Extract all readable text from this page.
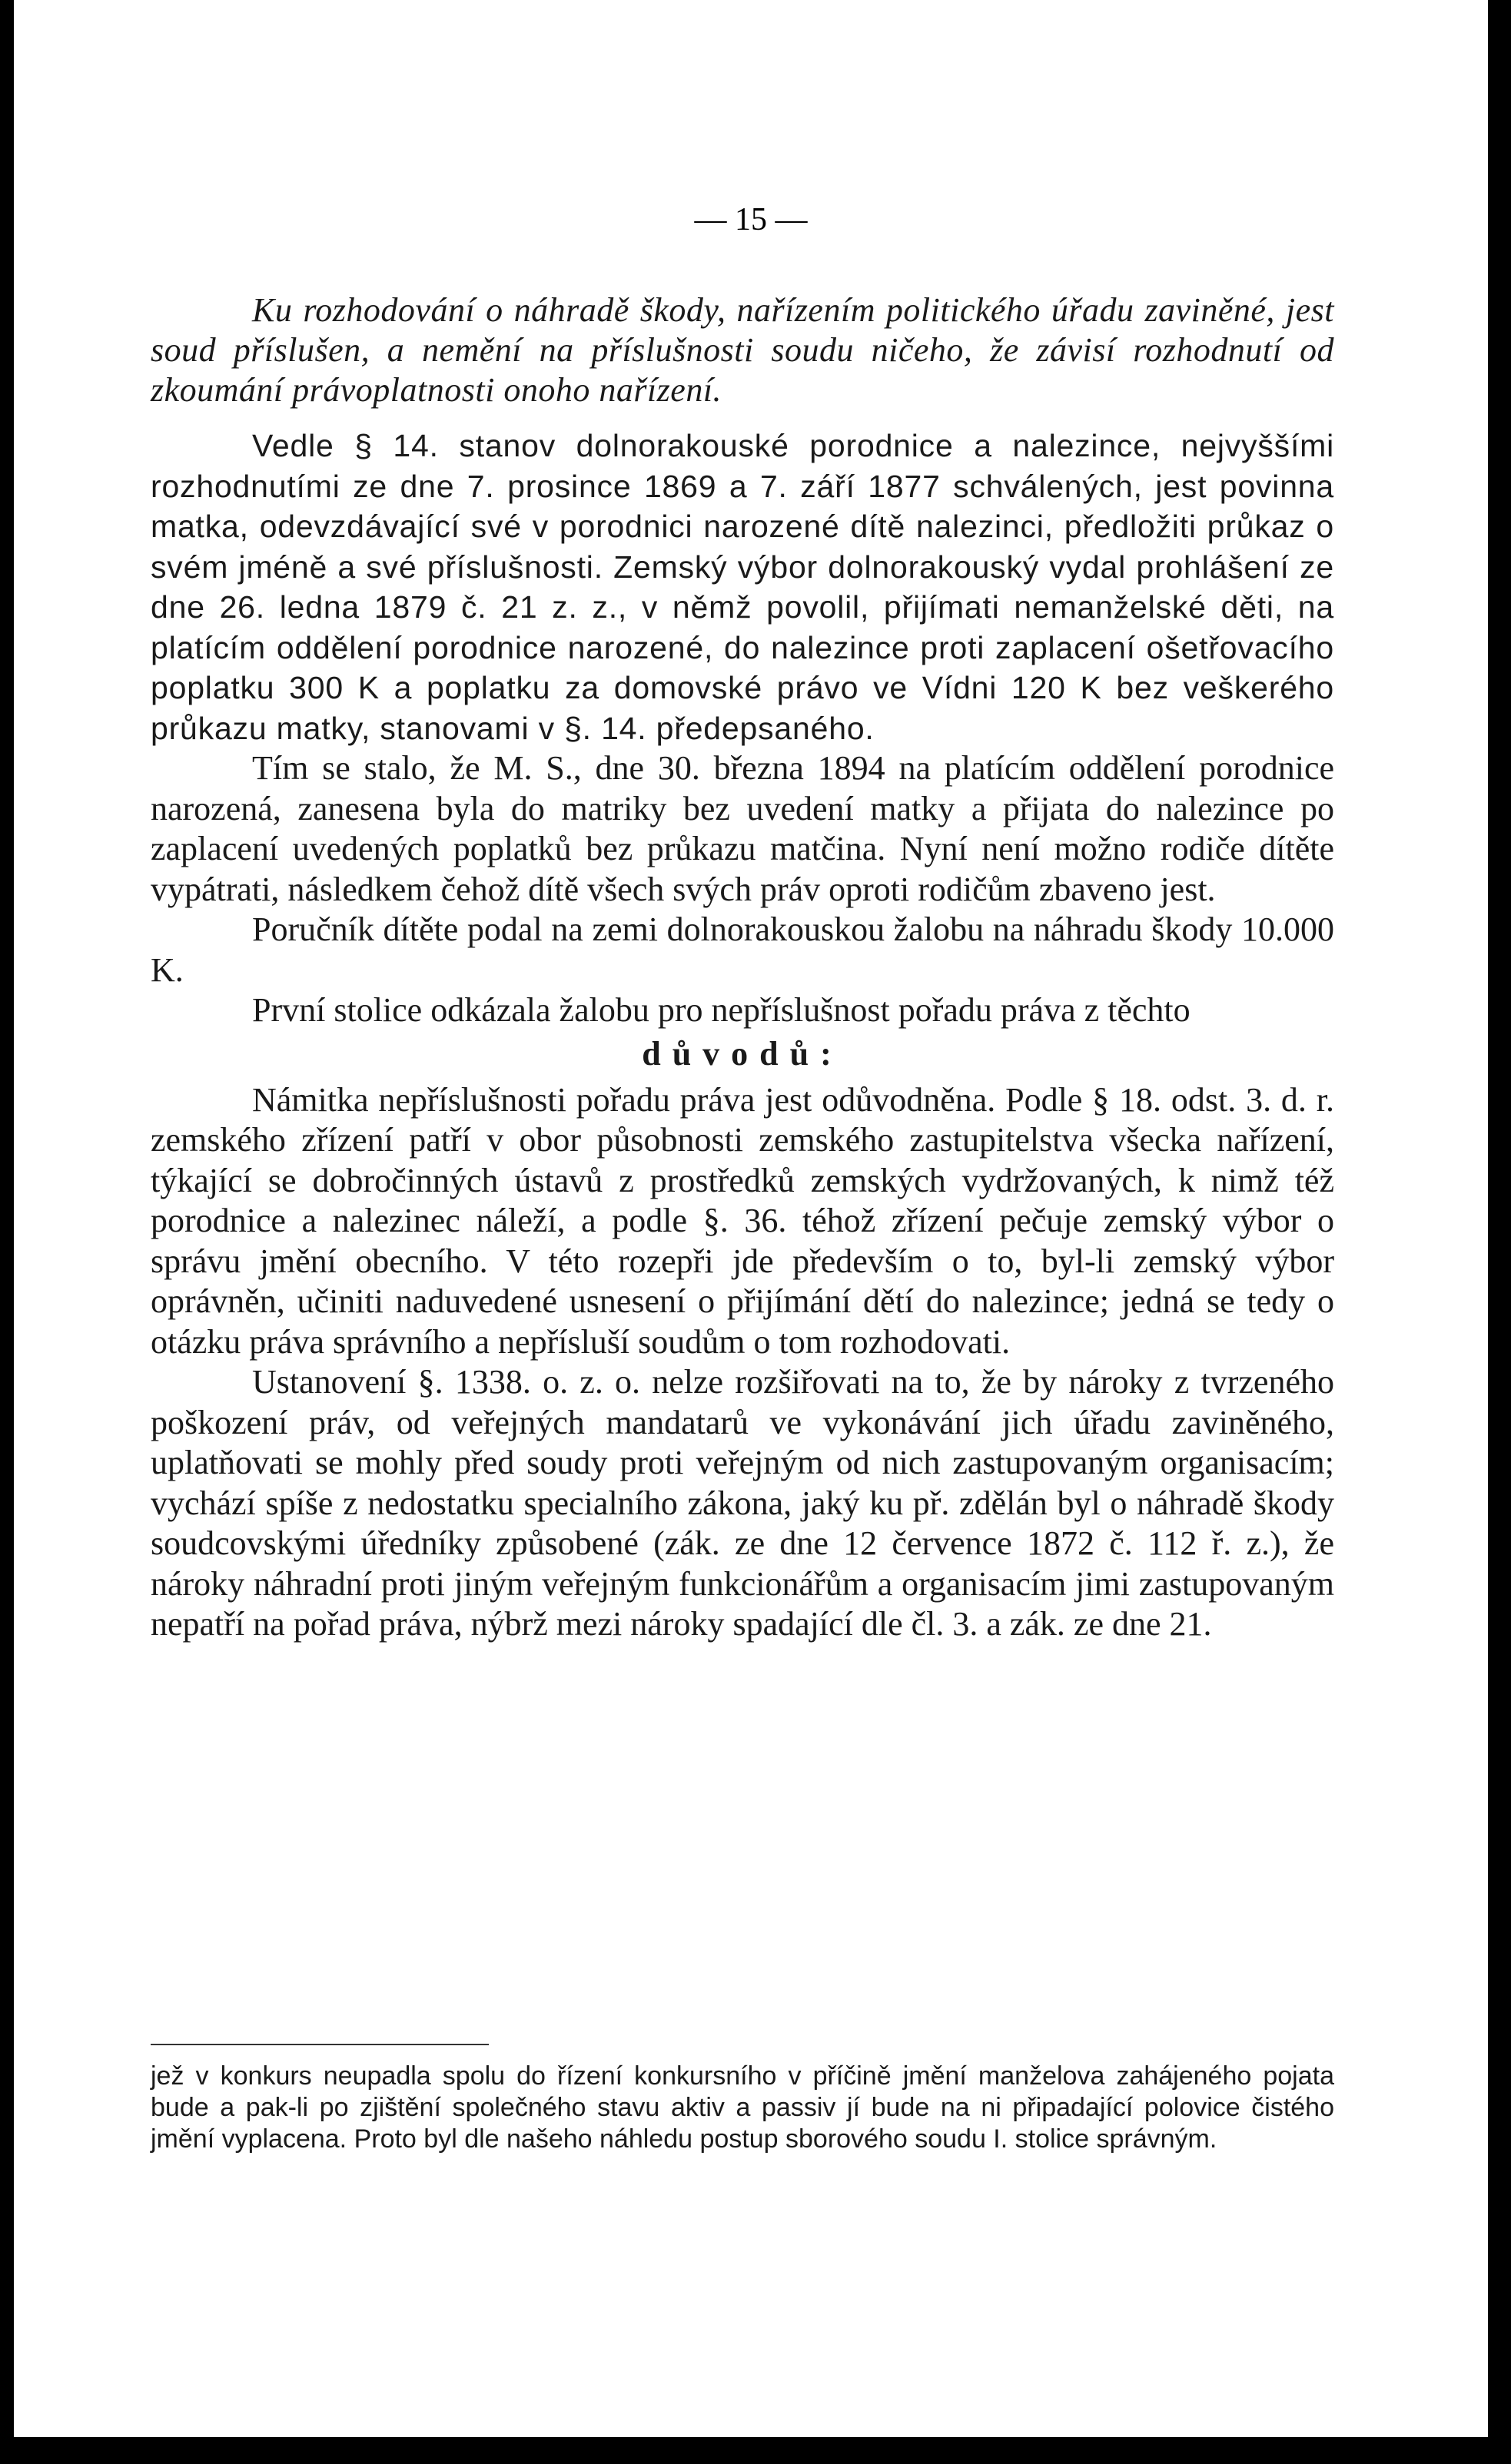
— 15 —

Ku rozhodování o náhradě škody, nařízením politického úřadu zaviněné, jest soud příslušen, a nemění na příslušnosti soudu ničeho, že závisí rozhodnutí od zkoumání právoplatnosti onoho nařízení.

Vedle § 14. stanov dolnorakouské porodnice a nalezince, nejvyššími rozhodnutími ze dne 7. prosince 1869 a 7. září 1877 schválených, jest povinna matka, odevzdávající své v porodnici narozené dítě nalezinci, předložiti průkaz o svém jméně a své příslušnosti. Zemský výbor dolnorakouský vydal prohlášení ze dne 26. ledna 1879 č. 21 z. z., v němž povolil, přijímati nemanželské děti, na platícím oddělení porodnice narozené, do nalezince proti zaplacení ošetřovacího poplatku 300 K a poplatku za domovské právo ve Vídni 120 K bez veškerého průkazu matky, stanovami v §. 14. předepsaného.

Tím se stalo, že M. S., dne 30. března 1894 na platícím oddělení porodnice narozená, zanesena byla do matriky bez uvedení matky a přijata do nalezince po zaplacení uvedených poplatků bez průkazu matčina. Nyní není možno rodiče dítěte vypátrati, následkem čehož dítě všech svých práv oproti rodičům zbaveno jest.

Poručník dítěte podal na zemi dolnorakouskou žalobu na náhradu škody 10.000 K.

První stolice odkázala žalobu pro nepříslušnost pořadu práva z těchto

důvodů:

Námitka nepříslušnosti pořadu práva jest odůvodněna. Podle § 18. odst. 3. d. r. zemského zřízení patří v obor působnosti zemského zastupitelstva všecka nařízení, týkající se dobročinných ústavů z prostředků zemských vydržovaných, k nimž též porodnice a nalezinec náleží, a podle §. 36. téhož zřízení pečuje zemský výbor o správu jmění obecního. V této rozepři jde především o to, byl-li zemský výbor oprávněn, učiniti naduvedené usnesení o přijímání dětí do nalezince; jedná se tedy o otázku práva správního a nepřísluší soudům o tom rozhodovati.

Ustanovení §. 1338. o. z. o. nelze rozšiřovati na to, že by nároky z tvrzeného poškození práv, od veřejných mandatarů ve vykonávání jich úřadu zaviněného, uplatňovati se mohly před soudy proti veřejným od nich zastupovaným organisacím; vychází spíše z nedostatku specialního zákona, jaký ku př. zdělán byl o náhradě škody soudcovskými úředníky způsobené (zák. ze dne 12 července 1872 č. 112 ř. z.), že nároky náhradní proti jiným veřejným funkcionářům a organisacím jimi zastupovaným nepatří na pořad práva, nýbrž mezi nároky spadající dle čl. 3. a zák. ze dne 21.

jež v konkurs neupadla spolu do řízení konkursního v příčině jmění manželova zahájeného pojata bude a pak-li po zjištění společného stavu aktiv a passiv jí bude na ni připadající polovice čistého jmění vyplacena. Proto byl dle našeho náhledu postup sborového soudu I. stolice správným.
